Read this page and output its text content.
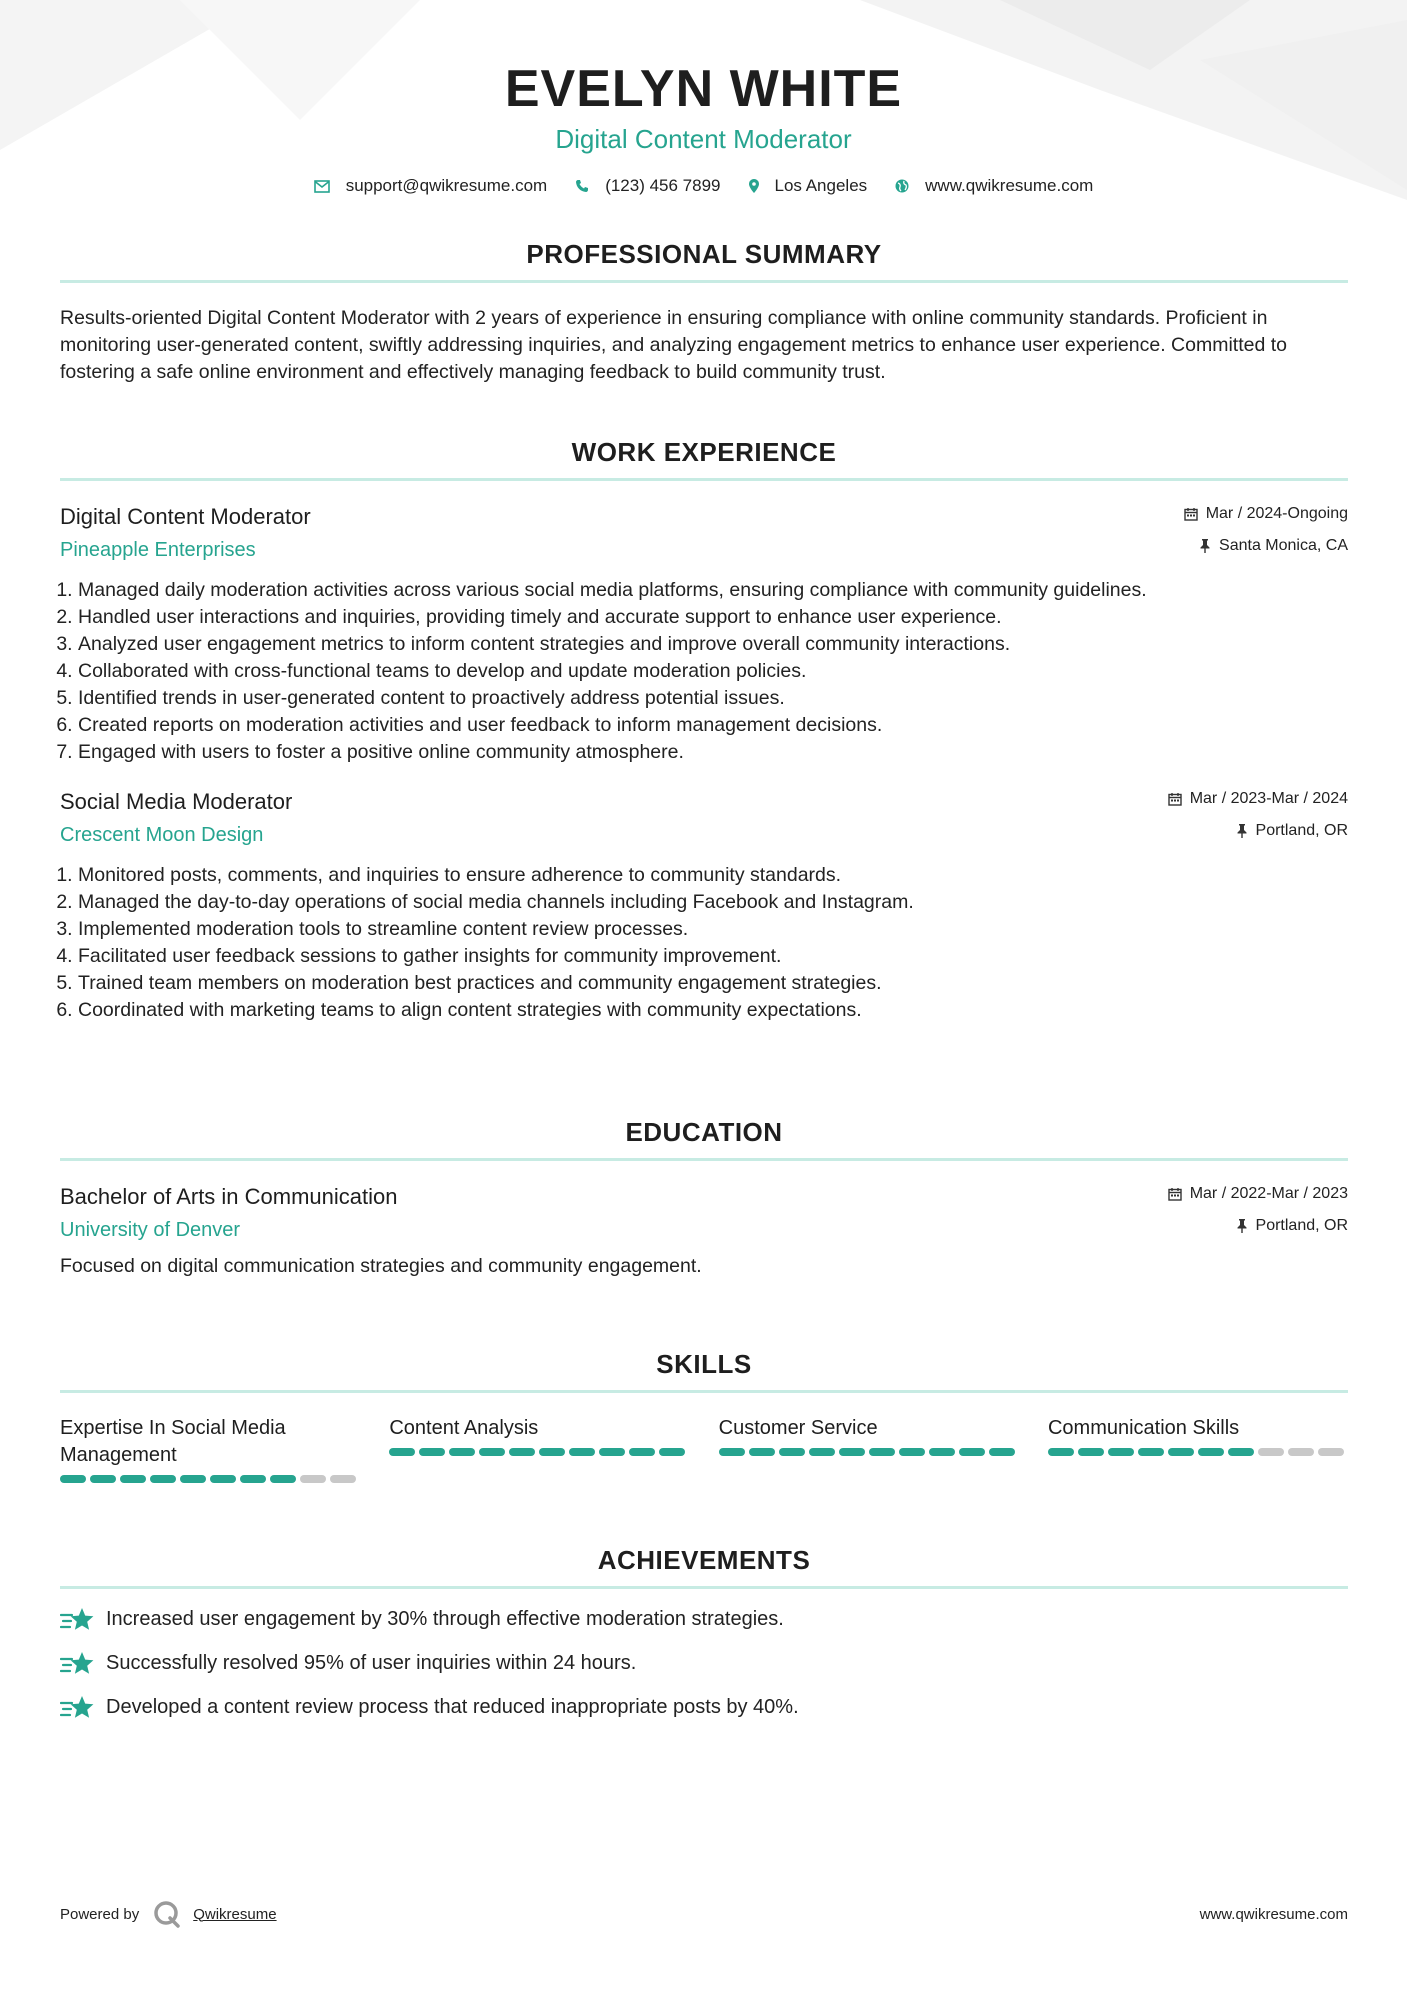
EVELYN WHITE
Digital Content Moderator
support@qwikresume.com	(123) 456 7899	Los Angeles	www.qwikresume.com
PROFESSIONAL SUMMARY
Results-oriented Digital Content Moderator with 2 years of experience in ensuring compliance with online community standards. Proficient in monitoring user-generated content, swiftly addressing inquiries, and analyzing engagement metrics to enhance user experience. Committed to fostering a safe online environment and effectively managing feedback to build community trust.
WORK EXPERIENCE
Digital Content Moderator
Pineapple Enterprises
Mar / 2024-Ongoing
Santa Monica, CA
1. Managed daily moderation activities across various social media platforms, ensuring compliance with community guidelines.
2. Handled user interactions and inquiries, providing timely and accurate support to enhance user experience.
3. Analyzed user engagement metrics to inform content strategies and improve overall community interactions.
4. Collaborated with cross-functional teams to develop and update moderation policies.
5. Identified trends in user-generated content to proactively address potential issues.
6. Created reports on moderation activities and user feedback to inform management decisions.
7. Engaged with users to foster a positive online community atmosphere.
Social Media Moderator
Crescent Moon Design
Mar / 2023-Mar / 2024
Portland, OR
1. Monitored posts, comments, and inquiries to ensure adherence to community standards.
2. Managed the day-to-day operations of social media channels including Facebook and Instagram.
3. Implemented moderation tools to streamline content review processes.
4. Facilitated user feedback sessions to gather insights for community improvement.
5. Trained team members on moderation best practices and community engagement strategies.
6. Coordinated with marketing teams to align content strategies with community expectations.
EDUCATION
Bachelor of Arts in Communication
University of Denver
Mar / 2022-Mar / 2023
Portland, OR
Focused on digital communication strategies and community engagement.
SKILLS
Expertise In Social Media Management
Content Analysis	Customer Service	Communication Skills
ACHIEVEMENTS
Increased user engagement by 30% through effective moderation strategies.
Successfully resolved 95% of user inquiries within 24 hours.
Developed a content review process that reduced inappropriate posts by 40%.
Powered by	Qwikresume	www.qwikresume.com
